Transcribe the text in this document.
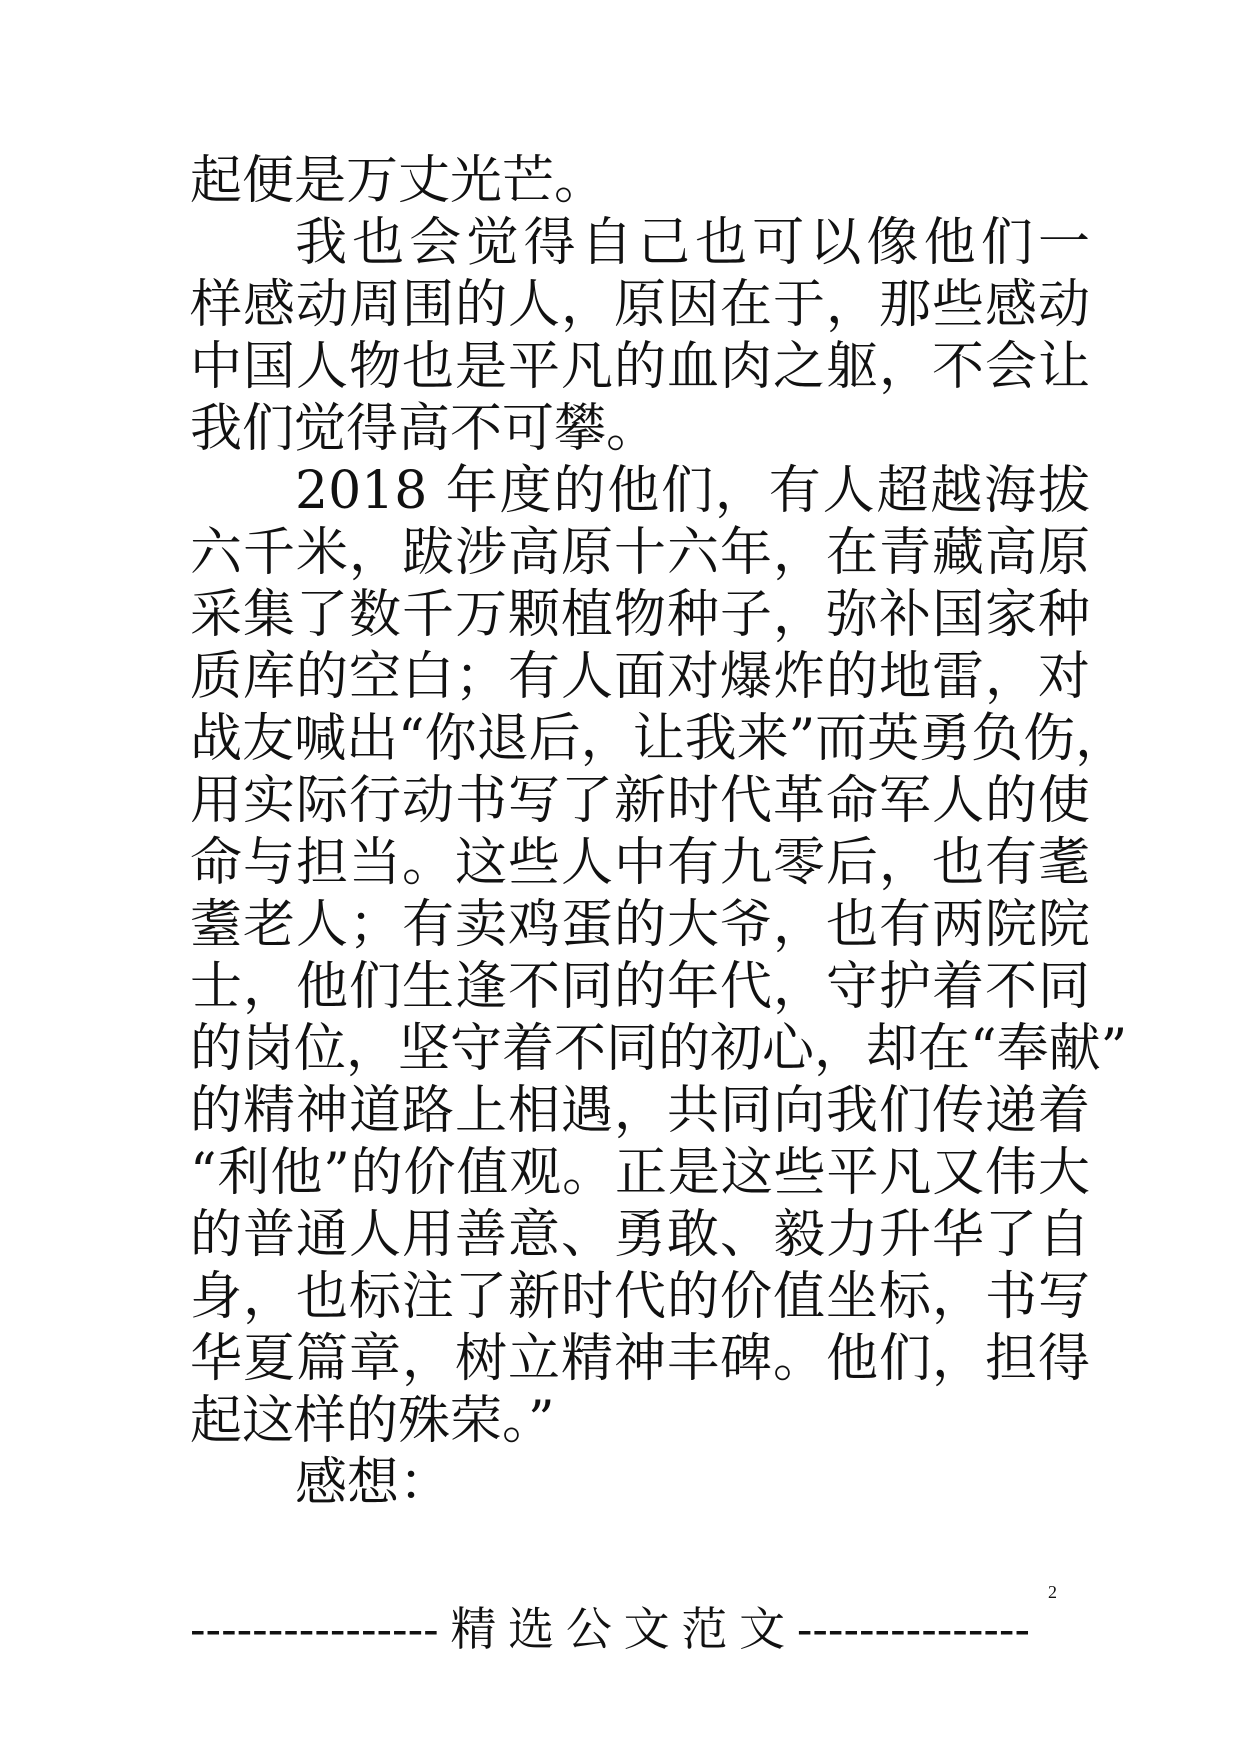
起便是万丈光芒。
我也会觉得自己也可以像他们一
样感动周围的人，原因在于，那些感动
中国人物也是平凡的血肉之躯，不会让
我们觉得高不可攀。
2018 年度的他们，有人超越海拔
六千米，跋涉高原十六年，在青藏高原
采集了数千万颗植物种子，弥补国家种
质库的空白；有人面对爆炸的地雷，对
战友喊出“你退后，让我来”而英勇负伤，
用实际行动书写了新时代革命军人的使
命与担当。这些人中有九零后，也有耄
耋老人；有卖鸡蛋的大爷，也有两院院
士，他们生逢不同的年代，守护着不同
的岗位，坚守着不同的初心，却在“奉献”
的精神道路上相遇，共同向我们传递着
“利他”的价值观。正是这些平凡又伟大
的普通人用善意、勇敢、毅力升华了自
身，也标注了新时代的价值坐标，书写
华夏篇章，树立精神丰碑。他们，担得
起这样的殊荣。”
感想：
2
----------------精选公文范文---------------
